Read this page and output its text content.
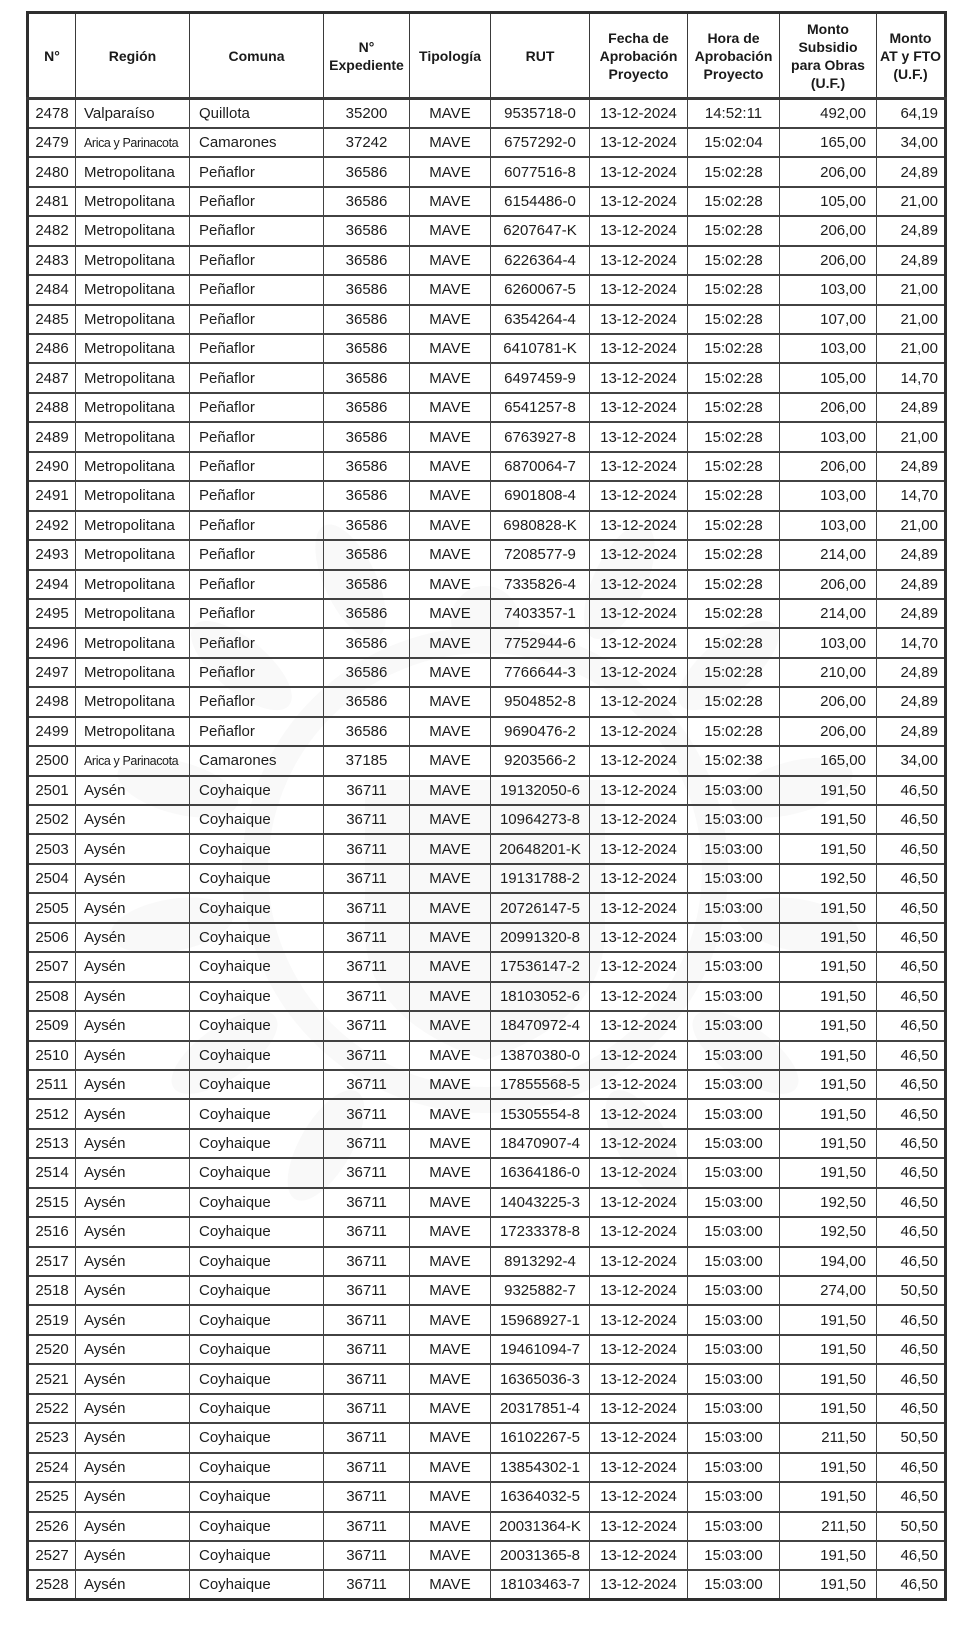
N°	Región	Comuna	N° Expediente	Tipología	RUT	Fecha de Aprobación Proyecto	Hora de Aprobación Proyecto	Monto Subsidio para Obras (U.F.)	Monto AT y FTO (U.F.)
2478	Valparaíso	Quillota	35200	MAVE	9535718-0	13-12-2024	14:52:11	492,00	64,19
2479	Arica y Parinacota	Camarones	37242	MAVE	6757292-0	13-12-2024	15:02:04	165,00	34,00
2480	Metropolitana	Peñaflor	36586	MAVE	6077516-8	13-12-2024	15:02:28	206,00	24,89
2481	Metropolitana	Peñaflor	36586	MAVE	6154486-0	13-12-2024	15:02:28	105,00	21,00
2482	Metropolitana	Peñaflor	36586	MAVE	6207647-K	13-12-2024	15:02:28	206,00	24,89
2483	Metropolitana	Peñaflor	36586	MAVE	6226364-4	13-12-2024	15:02:28	206,00	24,89
2484	Metropolitana	Peñaflor	36586	MAVE	6260067-5	13-12-2024	15:02:28	103,00	21,00
2485	Metropolitana	Peñaflor	36586	MAVE	6354264-4	13-12-2024	15:02:28	107,00	21,00
2486	Metropolitana	Peñaflor	36586	MAVE	6410781-K	13-12-2024	15:02:28	103,00	21,00
2487	Metropolitana	Peñaflor	36586	MAVE	6497459-9	13-12-2024	15:02:28	105,00	14,70
2488	Metropolitana	Peñaflor	36586	MAVE	6541257-8	13-12-2024	15:02:28	206,00	24,89
2489	Metropolitana	Peñaflor	36586	MAVE	6763927-8	13-12-2024	15:02:28	103,00	21,00
2490	Metropolitana	Peñaflor	36586	MAVE	6870064-7	13-12-2024	15:02:28	206,00	24,89
2491	Metropolitana	Peñaflor	36586	MAVE	6901808-4	13-12-2024	15:02:28	103,00	14,70
2492	Metropolitana	Peñaflor	36586	MAVE	6980828-K	13-12-2024	15:02:28	103,00	21,00
2493	Metropolitana	Peñaflor	36586	MAVE	7208577-9	13-12-2024	15:02:28	214,00	24,89
2494	Metropolitana	Peñaflor	36586	MAVE	7335826-4	13-12-2024	15:02:28	206,00	24,89
2495	Metropolitana	Peñaflor	36586	MAVE	7403357-1	13-12-2024	15:02:28	214,00	24,89
2496	Metropolitana	Peñaflor	36586	MAVE	7752944-6	13-12-2024	15:02:28	103,00	14,70
2497	Metropolitana	Peñaflor	36586	MAVE	7766644-3	13-12-2024	15:02:28	210,00	24,89
2498	Metropolitana	Peñaflor	36586	MAVE	9504852-8	13-12-2024	15:02:28	206,00	24,89
2499	Metropolitana	Peñaflor	36586	MAVE	9690476-2	13-12-2024	15:02:28	206,00	24,89
2500	Arica y Parinacota	Camarones	37185	MAVE	9203566-2	13-12-2024	15:02:38	165,00	34,00
2501	Aysén	Coyhaique	36711	MAVE	19132050-6	13-12-2024	15:03:00	191,50	46,50
2502	Aysén	Coyhaique	36711	MAVE	10964273-8	13-12-2024	15:03:00	191,50	46,50
2503	Aysén	Coyhaique	36711	MAVE	20648201-K	13-12-2024	15:03:00	191,50	46,50
2504	Aysén	Coyhaique	36711	MAVE	19131788-2	13-12-2024	15:03:00	192,50	46,50
2505	Aysén	Coyhaique	36711	MAVE	20726147-5	13-12-2024	15:03:00	191,50	46,50
2506	Aysén	Coyhaique	36711	MAVE	20991320-8	13-12-2024	15:03:00	191,50	46,50
2507	Aysén	Coyhaique	36711	MAVE	17536147-2	13-12-2024	15:03:00	191,50	46,50
2508	Aysén	Coyhaique	36711	MAVE	18103052-6	13-12-2024	15:03:00	191,50	46,50
2509	Aysén	Coyhaique	36711	MAVE	18470972-4	13-12-2024	15:03:00	191,50	46,50
2510	Aysén	Coyhaique	36711	MAVE	13870380-0	13-12-2024	15:03:00	191,50	46,50
2511	Aysén	Coyhaique	36711	MAVE	17855568-5	13-12-2024	15:03:00	191,50	46,50
2512	Aysén	Coyhaique	36711	MAVE	15305554-8	13-12-2024	15:03:00	191,50	46,50
2513	Aysén	Coyhaique	36711	MAVE	18470907-4	13-12-2024	15:03:00	191,50	46,50
2514	Aysén	Coyhaique	36711	MAVE	16364186-0	13-12-2024	15:03:00	191,50	46,50
2515	Aysén	Coyhaique	36711	MAVE	14043225-3	13-12-2024	15:03:00	192,50	46,50
2516	Aysén	Coyhaique	36711	MAVE	17233378-8	13-12-2024	15:03:00	192,50	46,50
2517	Aysén	Coyhaique	36711	MAVE	8913292-4	13-12-2024	15:03:00	194,00	46,50
2518	Aysén	Coyhaique	36711	MAVE	9325882-7	13-12-2024	15:03:00	274,00	50,50
2519	Aysén	Coyhaique	36711	MAVE	15968927-1	13-12-2024	15:03:00	191,50	46,50
2520	Aysén	Coyhaique	36711	MAVE	19461094-7	13-12-2024	15:03:00	191,50	46,50
2521	Aysén	Coyhaique	36711	MAVE	16365036-3	13-12-2024	15:03:00	191,50	46,50
2522	Aysén	Coyhaique	36711	MAVE	20317851-4	13-12-2024	15:03:00	191,50	46,50
2523	Aysén	Coyhaique	36711	MAVE	16102267-5	13-12-2024	15:03:00	211,50	50,50
2524	Aysén	Coyhaique	36711	MAVE	13854302-1	13-12-2024	15:03:00	191,50	46,50
2525	Aysén	Coyhaique	36711	MAVE	16364032-5	13-12-2024	15:03:00	191,50	46,50
2526	Aysén	Coyhaique	36711	MAVE	20031364-K	13-12-2024	15:03:00	211,50	50,50
2527	Aysén	Coyhaique	36711	MAVE	20031365-8	13-12-2024	15:03:00	191,50	46,50
2528	Aysén	Coyhaique	36711	MAVE	18103463-7	13-12-2024	15:03:00	191,50	46,50
